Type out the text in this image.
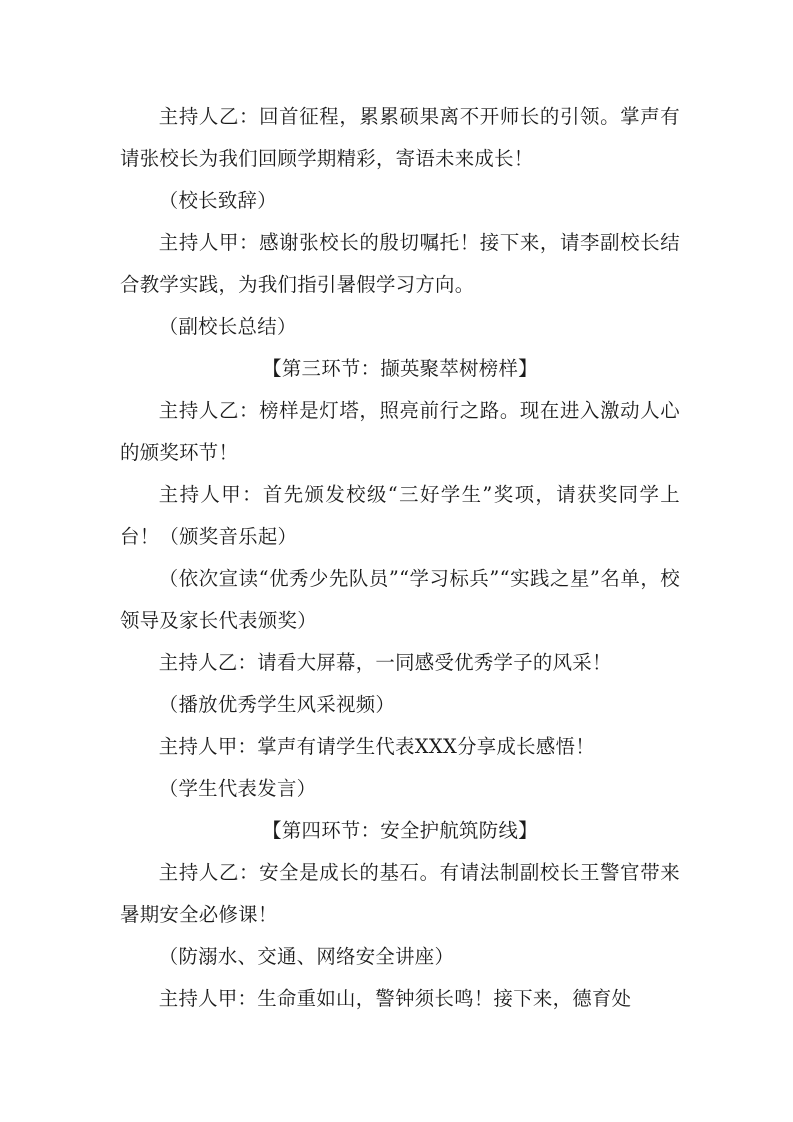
主持人乙：回首征程，累累硕果离不开师长的引领。掌声有请张校长为我们回顾学期精彩，寄语未来成长！

（校长致辞）

主持人甲：感谢张校长的殷切嘱托！接下来，请李副校长结合教学实践，为我们指引暑假学习方向。

（副校长总结）

【第三环节：撷英聚萃树榜样】

主持人乙：榜样是灯塔，照亮前行之路。现在进入激动人心的颁奖环节！

主持人甲：首先颁发校级“三好学生”奖项，请获奖同学上台！（颁奖音乐起）

（依次宣读“优秀少先队员”“学习标兵”“实践之星”名单，校领导及家长代表颁奖）

主持人乙：请看大屏幕，一同感受优秀学子的风采！

（播放优秀学生风采视频）

主持人甲：掌声有请学生代表XXX分享成长感悟！

（学生代表发言）

【第四环节：安全护航筑防线】

主持人乙：安全是成长的基石。有请法制副校长王警官带来暑期安全必修课！

（防溺水、交通、网络安全讲座）

主持人甲：生命重如山，警钟须长鸣！接下来，德育处
